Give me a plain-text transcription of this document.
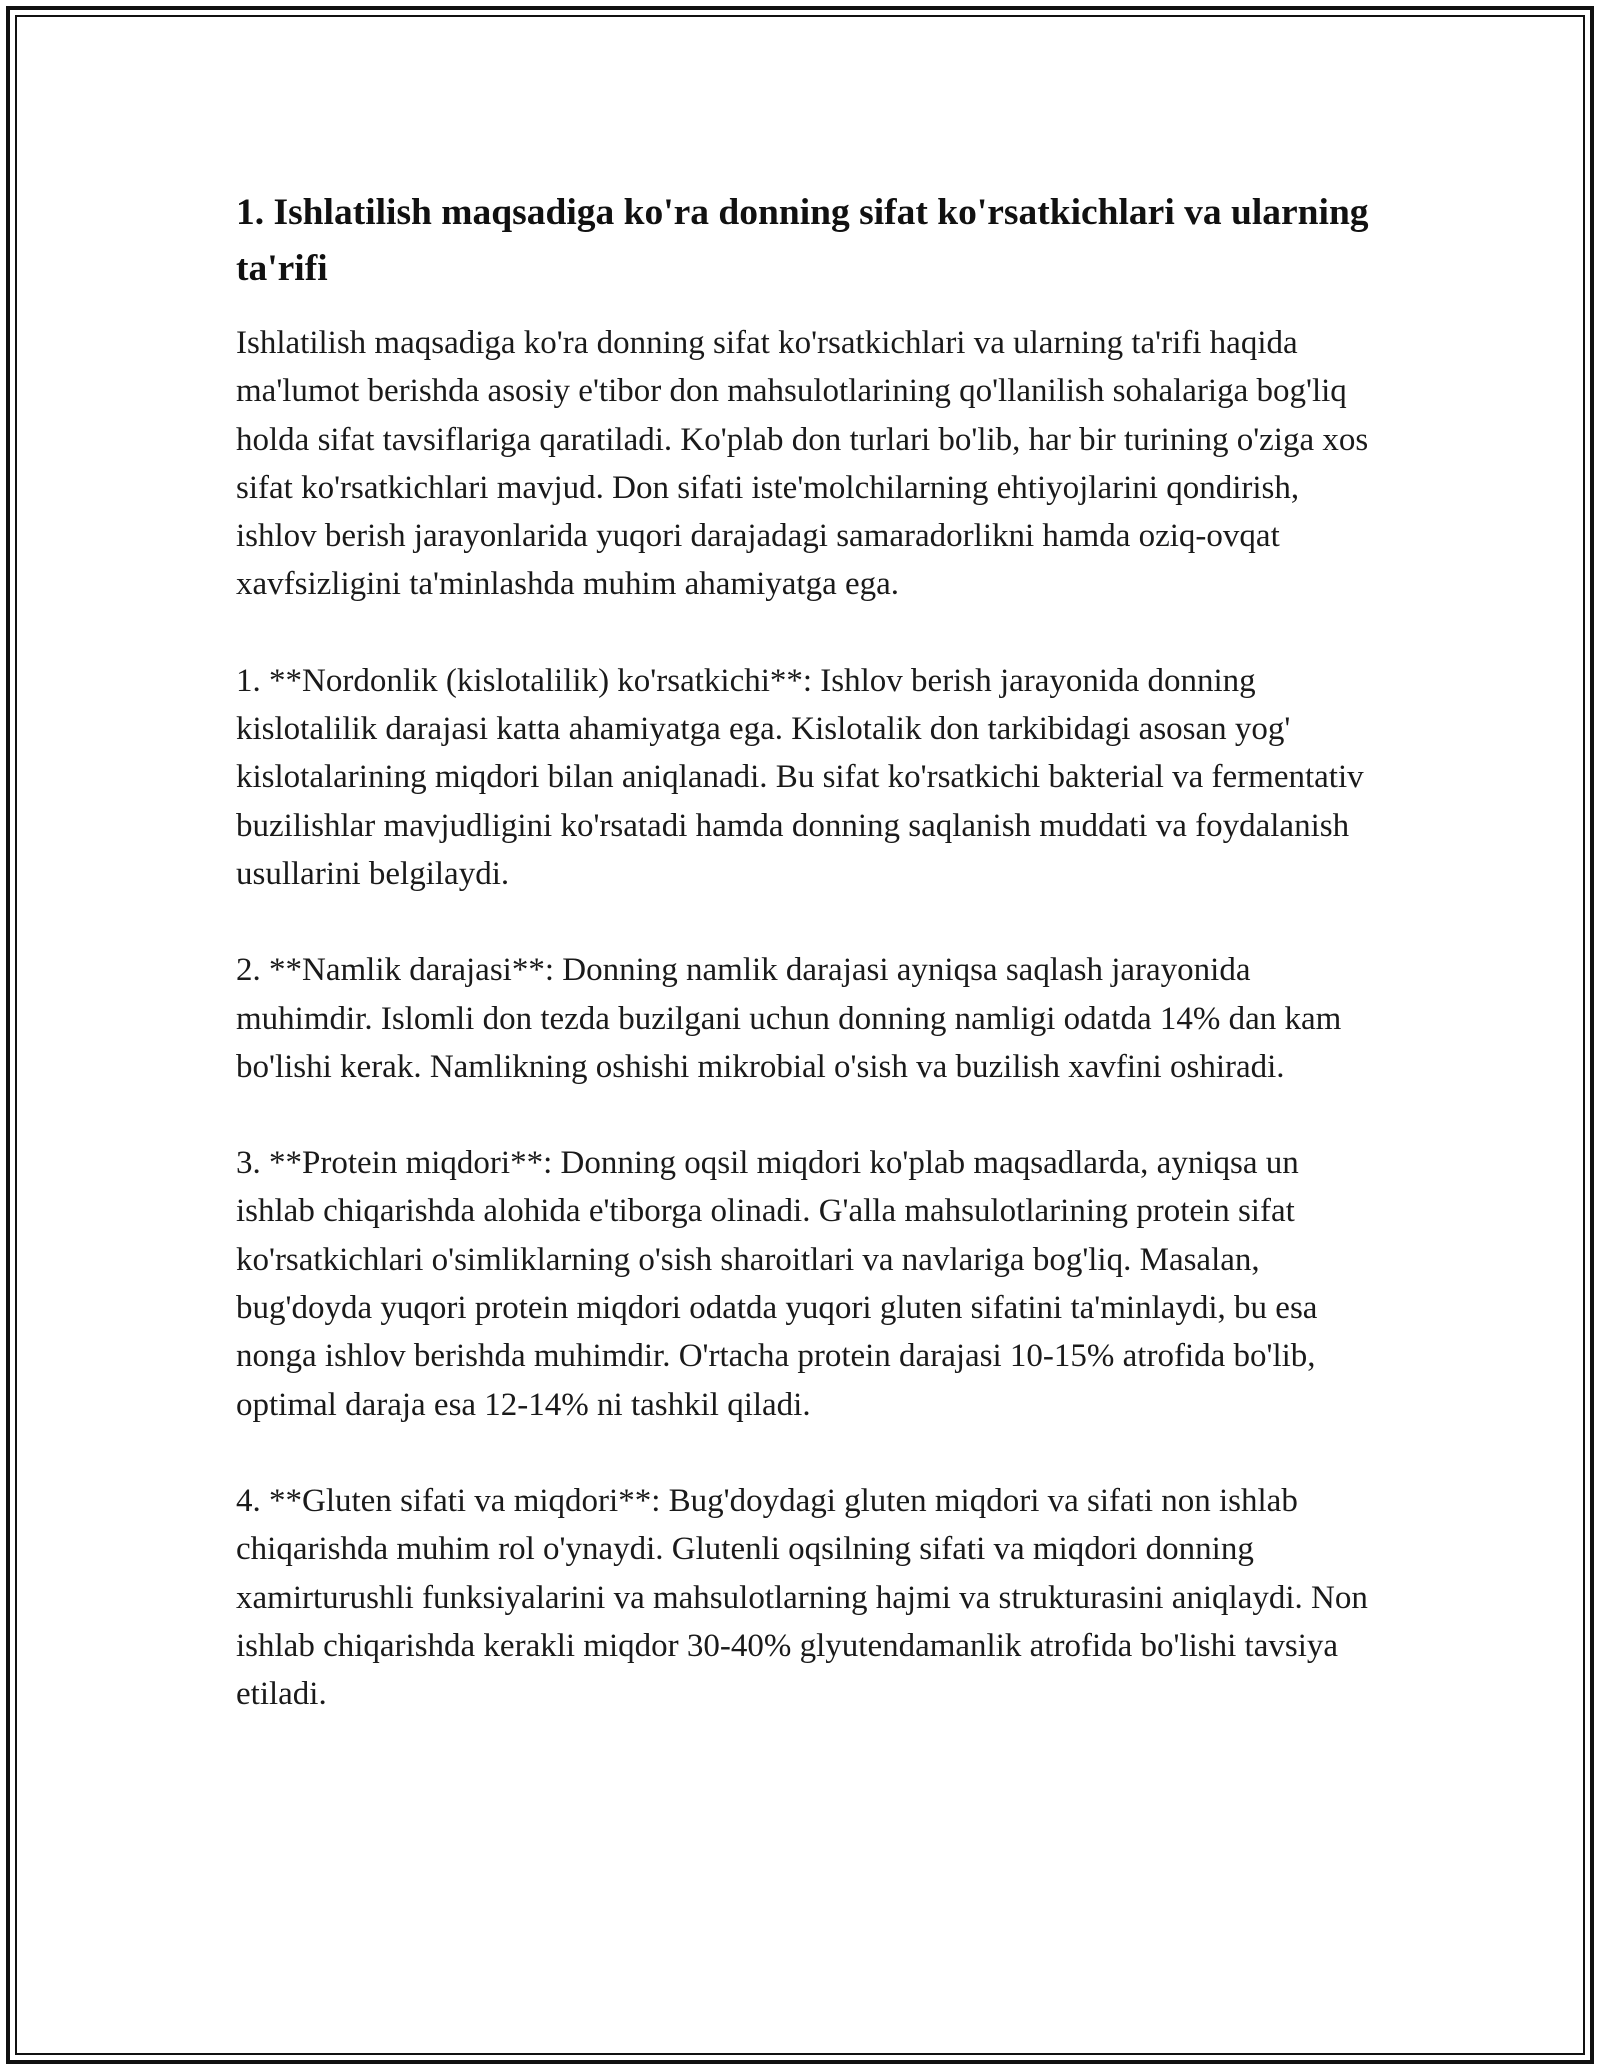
1. Ishlatilish maqsadiga ko'ra donning sifat ko'rsatkichlari va ularning ta'rifi

Ishlatilish maqsadiga ko'ra donning sifat ko'rsatkichlari va ularning ta'rifi haqida ma'lumot berishda asosiy e'tibor don mahsulotlarining qo'llanilish sohalariga bog'liq holda sifat tavsiflariga qaratiladi. Ko'plab don turlari bo'lib, har bir turining o'ziga xos sifat ko'rsatkichlari mavjud. Don sifati iste'molchilarning ehtiyojlarini qondirish, ishlov berish jarayonlarida yuqori darajadagi samaradorlikni hamda oziq-ovqat xavfsizligini ta'minlashda muhim ahamiyatga ega.

1. **Nordonlik (kislotalilik) ko'rsatkichi**: Ishlov berish jarayonida donning kislotalilik darajasi katta ahamiyatga ega. Kislotalik don tarkibidagi asosan yog' kislotalarining miqdori bilan aniqlanadi. Bu sifat ko'rsatkichi bakterial va fermentativ buzilishlar mavjudligini ko'rsatadi hamda donning saqlanish muddati va foydalanish usullarini belgilaydi.

2. **Namlik darajasi**: Donning namlik darajasi ayniqsa saqlash jarayonida muhimdir. Islomli don tezda buzilgani uchun donning namligi odatda 14% dan kam bo'lishi kerak. Namlikning oshishi mikrobial o'sish va buzilish xavfini oshiradi.

3. **Protein miqdori**: Donning oqsil miqdori ko'plab maqsadlarda, ayniqsa un ishlab chiqarishda alohida e'tiborga olinadi. G'alla mahsulotlarining protein sifat ko'rsatkichlari o'simliklarning o'sish sharoitlari va navlariga bog'liq. Masalan, bug'doyda yuqori protein miqdori odatda yuqori gluten sifatini ta'minlaydi, bu esa nonga ishlov berishda muhimdir. O'rtacha protein darajasi 10-15% atrofida bo'lib, optimal daraja esa 12-14% ni tashkil qiladi.

4. **Gluten sifati va miqdori**: Bug'doydagi gluten miqdori va sifati non ishlab chiqarishda muhim rol o'ynaydi. Glutenli oqsilning sifati va miqdori donning xamirturushli funksiyalarini va mahsulotlarning hajmi va strukturasini aniqlaydi. Non ishlab chiqarishda kerakli miqdor 30-40% glyutendamanlik atrofida bo'lishi tavsiya etiladi.
